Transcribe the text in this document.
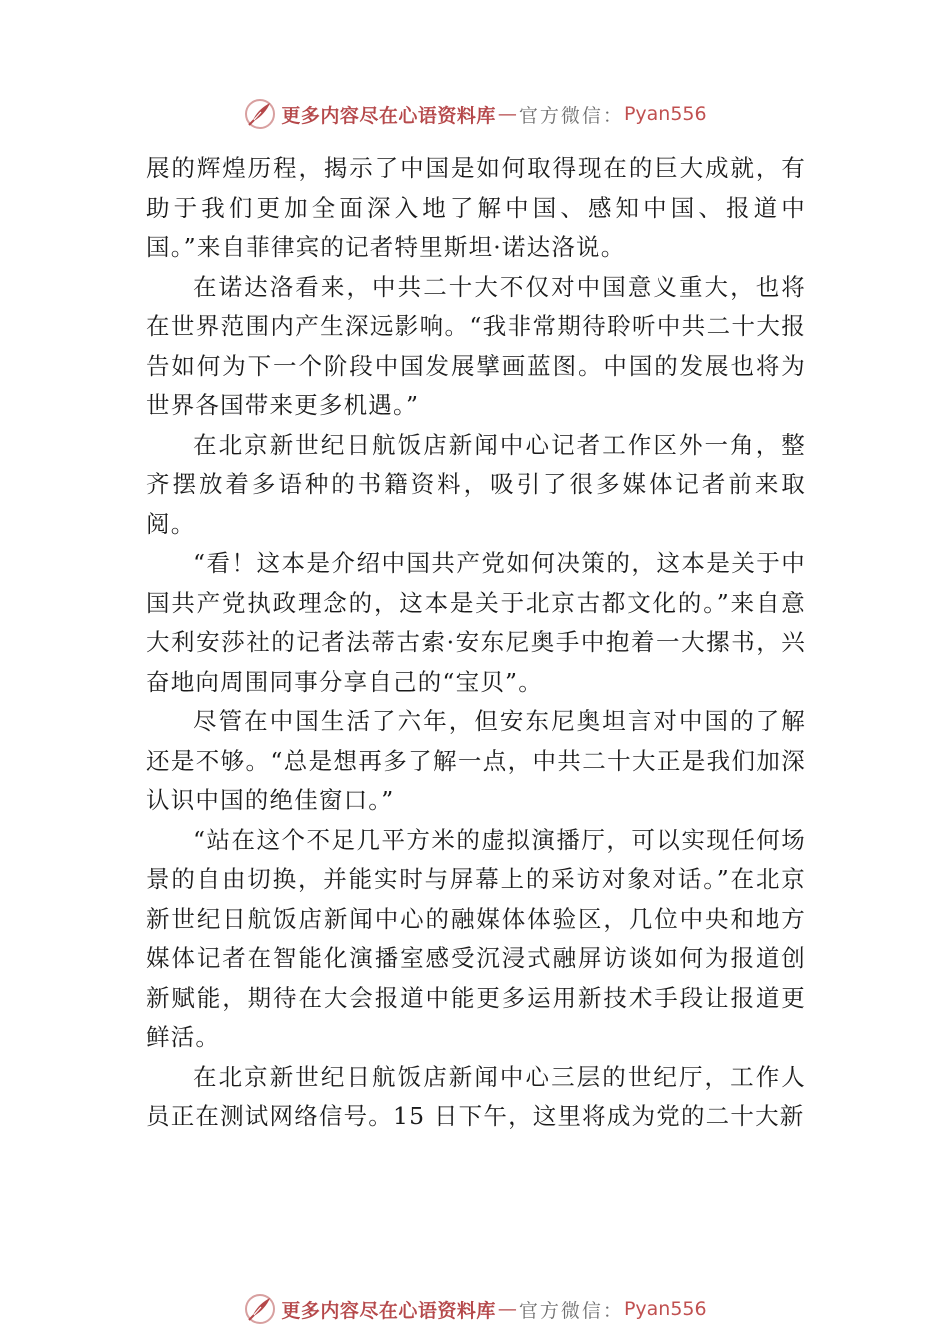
更多内容尽在心语资料库 — 官方微信： Pyan556

展的辉煌历程，揭示了中国是如何取得现在的巨大成就，有助于我们更加全面深入地了解中国、感知中国、报道中国。”来自菲律宾的记者特里斯坦·诺达洛说。

在诺达洛看来，中共二十大不仅对中国意义重大，也将在世界范围内产生深远影响。“我非常期待聆听中共二十大报告如何为下一个阶段中国发展擘画蓝图。中国的发展也将为世界各国带来更多机遇。”

在北京新世纪日航饭店新闻中心记者工作区外一角，整齐摆放着多语种的书籍资料，吸引了很多媒体记者前来取阅。

“看！这本是介绍中国共产党如何决策的，这本是关于中国共产党执政理念的，这本是关于北京古都文化的。”来自意大利安莎社的记者法蒂古索·安东尼奥手中抱着一大摞书，兴奋地向周围同事分享自己的“宝贝”。

尽管在中国生活了六年，但安东尼奥坦言对中国的了解还是不够。“总是想再多了解一点，中共二十大正是我们加深认识中国的绝佳窗口。”

“站在这个不足几平方米的虚拟演播厅，可以实现任何场景的自由切换，并能实时与屏幕上的采访对象对话。”在北京新世纪日航饭店新闻中心的融媒体体验区，几位中央和地方媒体记者在智能化演播室感受沉浸式融屏访谈如何为报道创新赋能，期待在大会报道中能更多运用新技术手段让报道更鲜活。

在北京新世纪日航饭店新闻中心三层的世纪厅，工作人员正在测试网络信号。15 日下午，这里将成为党的二十大新

更多内容尽在心语资料库 — 官方微信： Pyan556
